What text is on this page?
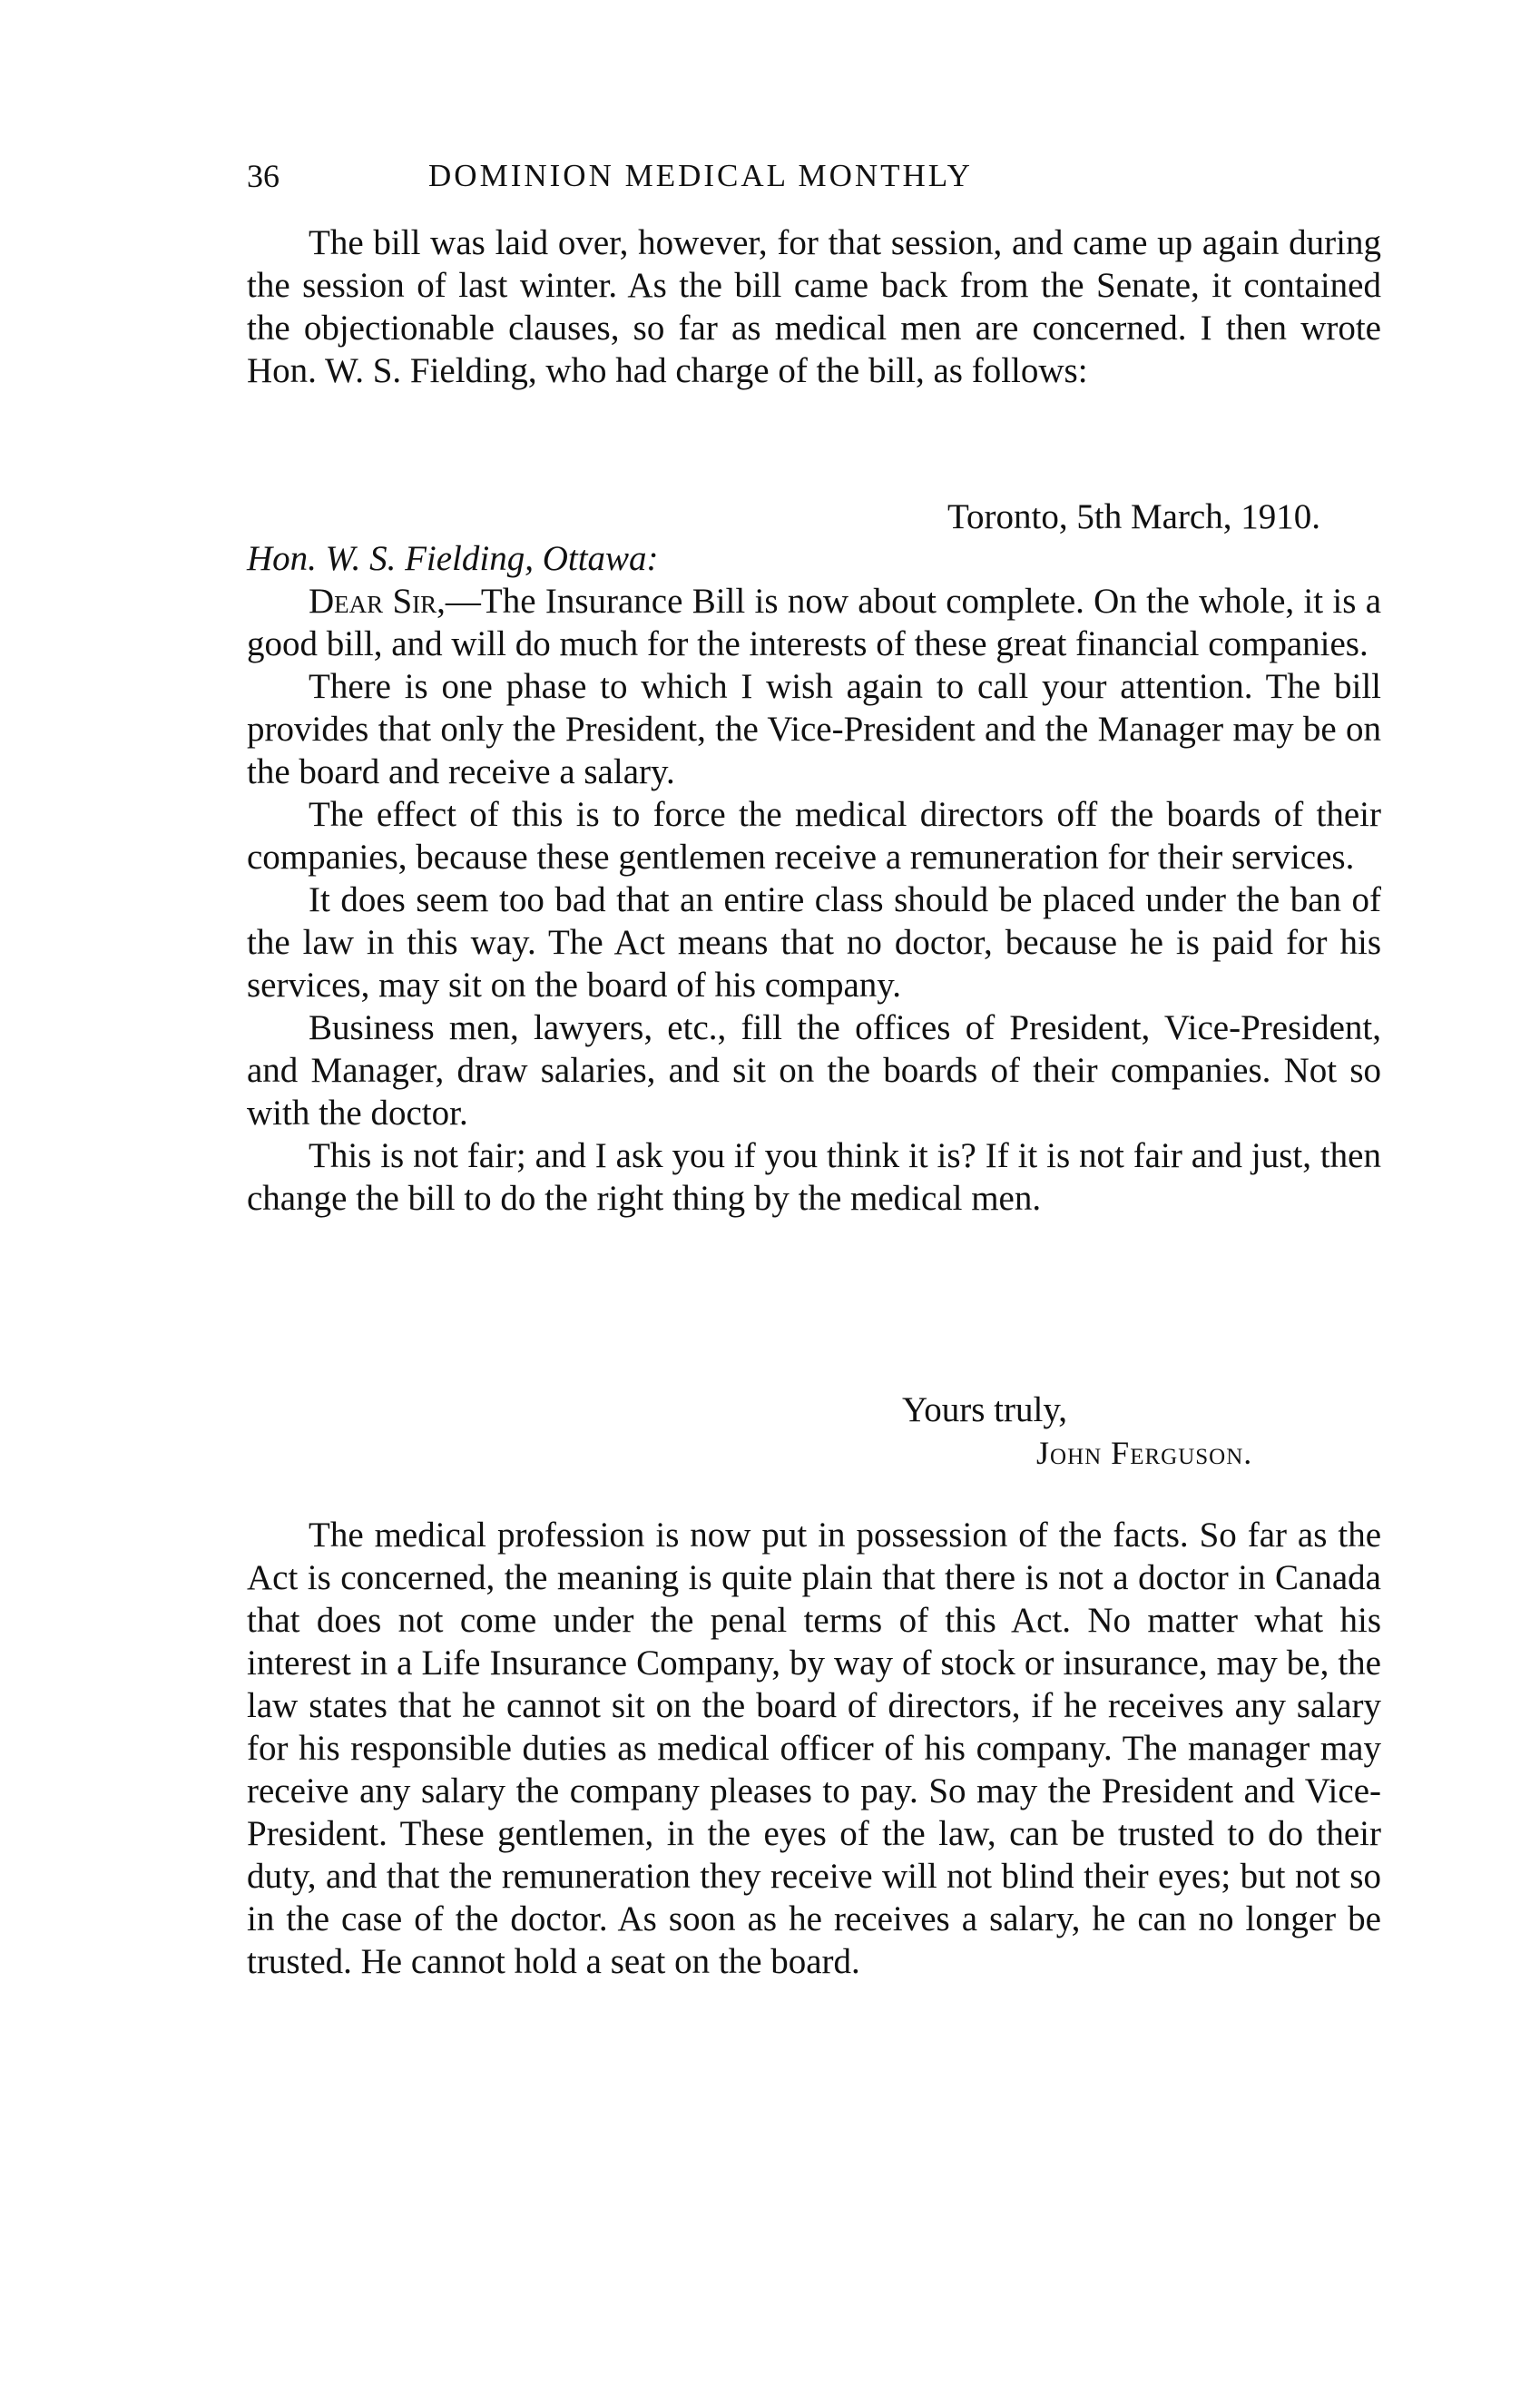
36	DOMINION MEDICAL MONTHLY

The bill was laid over, however, for that session, and came up again during the session of last winter. As the bill came back from the Senate, it contained the objectionable clauses, so far as medical men are concerned. I then wrote Hon. W. S. Fielding, who had charge of the bill, as follows:

Toronto, 5th March, 1910.
Hon. W. S. Fielding, Ottawa:

Dear Sir,—The Insurance Bill is now about complete. On the whole, it is a good bill, and will do much for the interests of these great financial companies.

There is one phase to which I wish again to call your attention. The bill provides that only the President, the Vice-President and the Manager may be on the board and receive a salary.

The effect of this is to force the medical directors off the boards of their companies, because these gentlemen receive a remuneration for their services.

It does seem too bad that an entire class should be placed under the ban of the law in this way. The Act means that no doctor, because he is paid for his services, may sit on the board of his company.

Business men, lawyers, etc., fill the offices of President, Vice-President, and Manager, draw salaries, and sit on the boards of their companies. Not so with the doctor.

This is not fair; and I ask you if you think it is? If it is not fair and just, then change the bill to do the right thing by the medical men.

Yours truly,
John Ferguson.

The medical profession is now put in possession of the facts. So far as the Act is concerned, the meaning is quite plain that there is not a doctor in Canada that does not come under the penal terms of this Act. No matter what his interest in a Life Insurance Company, by way of stock or insurance, may be, the law states that he cannot sit on the board of directors, if he receives any salary for his responsible duties as medical officer of his company. The manager may receive any salary the company pleases to pay. So may the President and Vice-President. These gentlemen, in the eyes of the law, can be trusted to do their duty, and that the remuneration they receive will not blind their eyes; but not so in the case of the doctor. As soon as he receives a salary, he can no longer be trusted. He cannot hold a seat on the board.
